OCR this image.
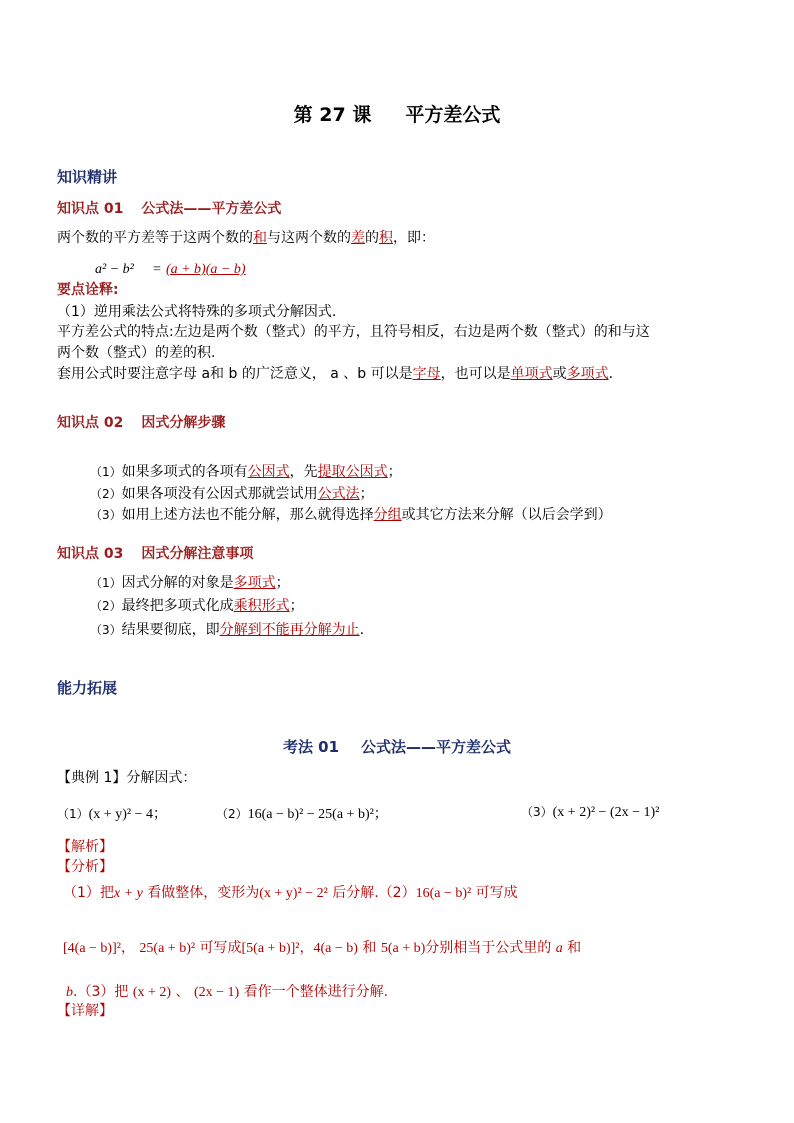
第 27 课 平方差公式
知识精讲
知识点 01 公式法——平方差公式
两个数的平方差等于这两个数的和与这两个数的差的积，即：
a² − b² = (a + b)(a − b)
要点诠释:
（1）逆用乘法公式将特殊的多项式分解因式.
平方差公式的特点:左边是两个数（整式）的平方，且符号相反，右边是两个数（整式）的和与这
两个数（整式）的差的积.
套用公式时要注意字母 a和 b 的广泛意义， a 、b 可以是字母，也可以是单项式或多项式.
知识点 02 因式分解步骤
（1）如果多项式的各项有公因式，先提取公因式；
（2）如果各项没有公因式那就尝试用公式法；
（3）如用上述方法也不能分解，那么就得选择分组或其它方法来分解（以后会学到）
知识点 03 因式分解注意事项
（1）因式分解的对象是多项式；
（2）最终把多项式化成乘积形式；
（3）结果要彻底，即分解到不能再分解为止.
能力拓展
考法 01 公式法——平方差公式
【典例 1】分解因式：
（1）(x + y)² − 4；	（2）16(a − b)² − 25(a + b)²；	（3）(x + 2)² − (2x − 1)²
【解析】
【分析】
（1）把x + y 看做整体，变形为(x + y)² − 2² 后分解.（2）16(a − b)² 可写成
[4(a − b)]²， 25(a + b)² 可写成[5(a + b)]²，4(a − b) 和 5(a + b)分别相当于公式里的 a 和
b.（3）把 (x + 2) 、 (2x − 1) 看作一个整体进行分解.
【详解】
